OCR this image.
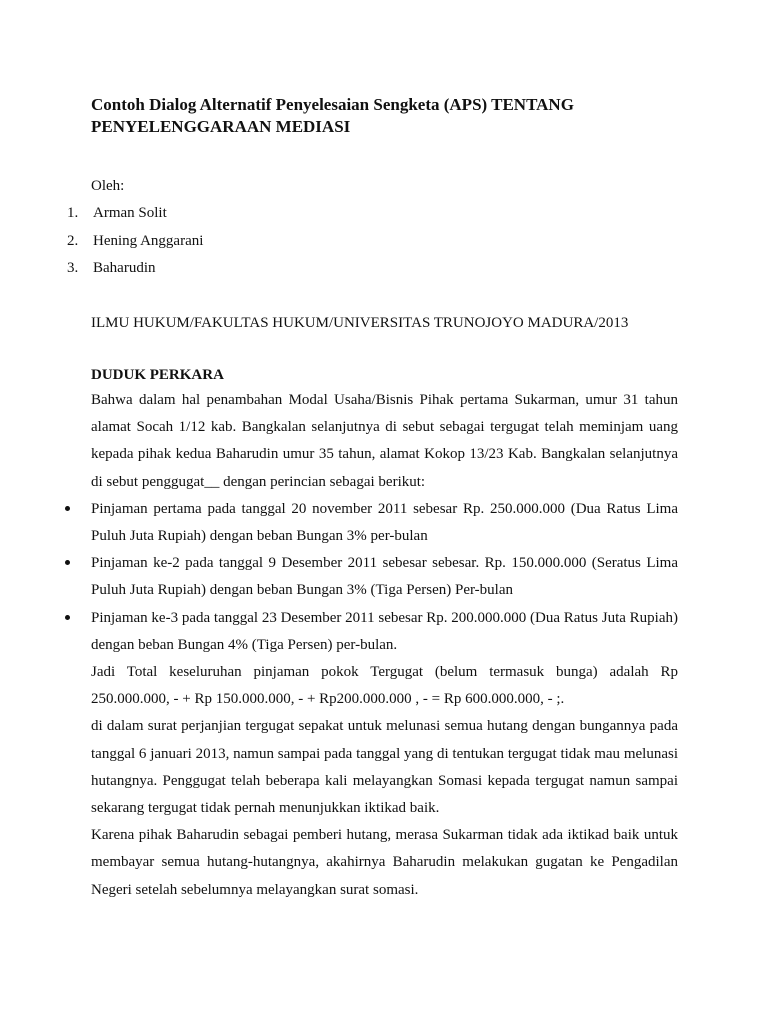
Contoh Dialog Alternatif Penyelesaian Sengketa (APS) TENTANG PENYELENGGARAAN MEDIASI
Oleh:
1. Arman Solit
2. Hening Anggarani
3. Baharudin
ILMU HUKUM/FAKULTAS HUKUM/UNIVERSITAS TRUNOJOYO MADURA/2013
DUDUK PERKARA

Bahwa dalam hal penambahan Modal Usaha/Bisnis Pihak pertama Sukarman, umur 31 tahun alamat Socah 1/12 kab. Bangkalan selanjutnya di sebut sebagai tergugat telah meminjam uang kepada pihak kedua Baharudin umur 35 tahun, alamat Kokop 13/23 Kab. Bangkalan selanjutnya di sebut penggugat__ dengan perincian sebagai berikut:

Pinjaman pertama pada tanggal 20 november 2011 sebesar Rp. 250.000.000 (Dua Ratus Lima Puluh Juta Rupiah) dengan beban Bungan 3% per-bulan
Pinjaman ke-2 pada tanggal 9 Desember 2011 sebesar sebesar. Rp. 150.000.000 (Seratus Lima Puluh Juta Rupiah) dengan beban Bungan 3% (Tiga Persen) Per-bulan
Pinjaman ke-3 pada tanggal 23 Desember 2011 sebesar Rp. 200.000.000 (Dua Ratus Juta Rupiah) dengan beban Bungan 4% (Tiga Persen) per-bulan.

Jadi Total keseluruhan pinjaman pokok Tergugat (belum termasuk bunga) adalah Rp 250.000.000, - + Rp 150.000.000, - + Rp200.000.000 , - = Rp 600.000.000, - ;.

di dalam surat perjanjian tergugat sepakat untuk melunasi semua hutang dengan bungannya pada tanggal 6 januari 2013, namun sampai pada tanggal yang di tentukan tergugat tidak mau melunasi hutangnya. Penggugat telah beberapa kali melayangkan Somasi kepada tergugat namun sampai sekarang tergugat tidak pernah menunjukkan iktikad baik.

Karena pihak Baharudin sebagai pemberi hutang, merasa Sukarman tidak ada iktikad baik untuk membayar semua hutang-hutangnya, akahirnya Baharudin melakukan gugatan ke Pengadilan Negeri setelah sebelumnya melayangkan surat somasi.
